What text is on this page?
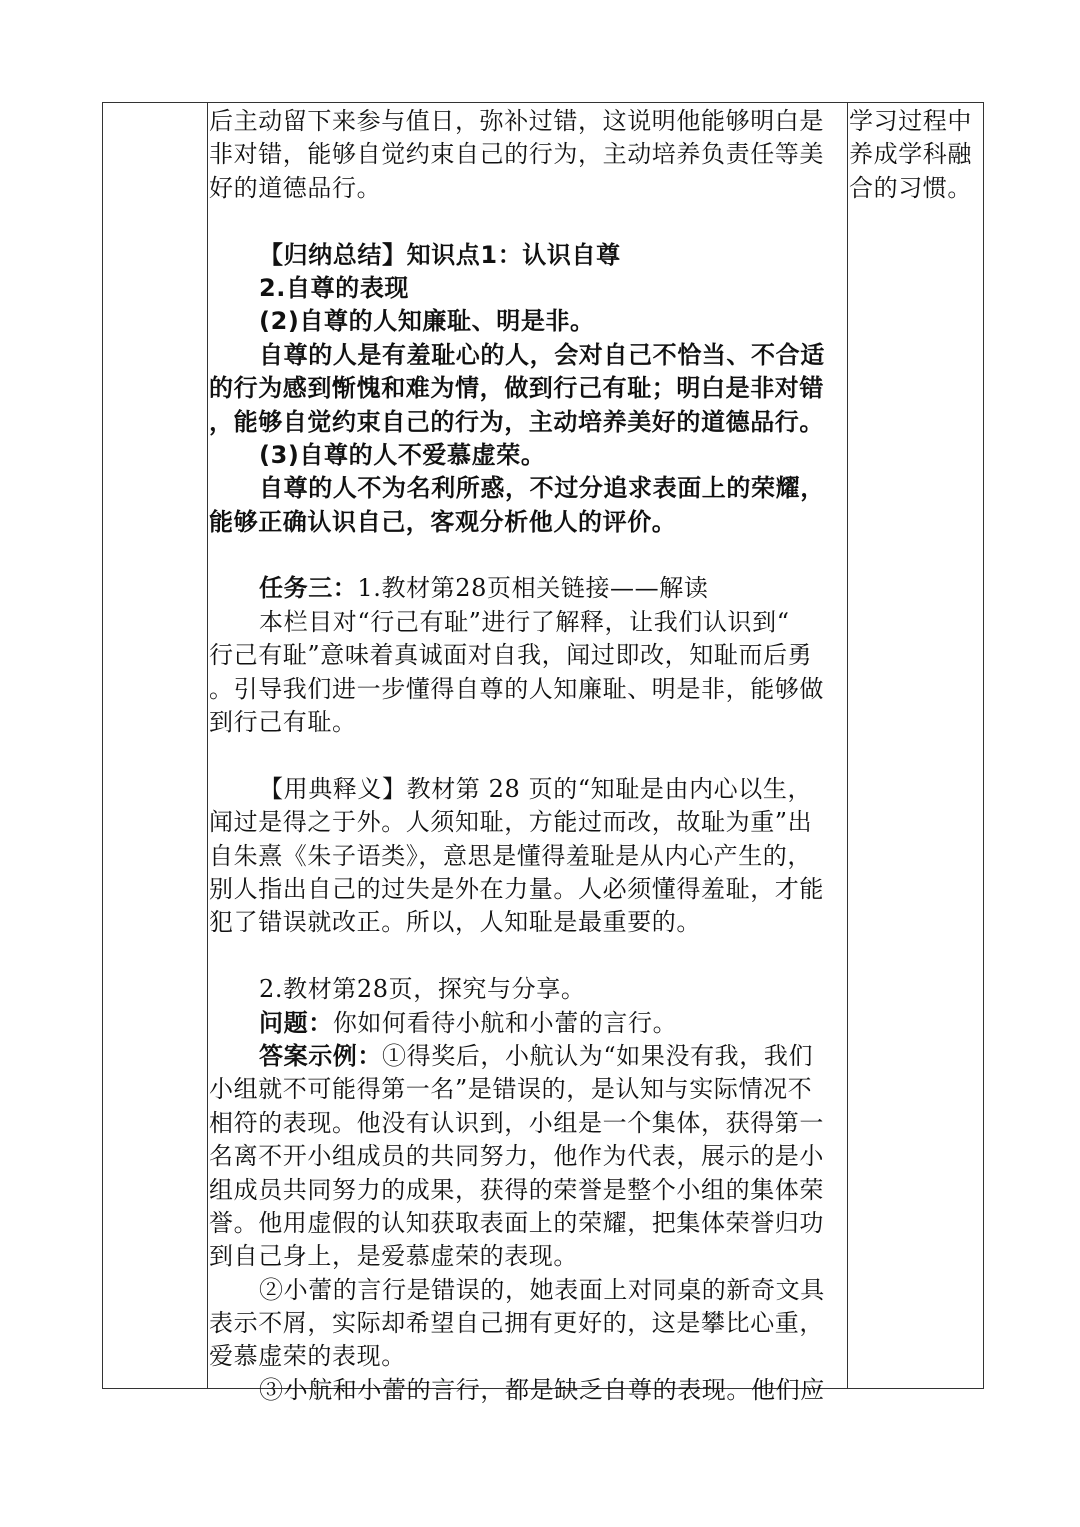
后主动留下来参与值日，弥补过错，这说明他能够明白是
非对错，能够自觉约束自己的行为，主动培养负责任等美
好的道德品行。
【归纳总结】知识点1：认识自尊
2.自尊的表现
(2)自尊的人知廉耻、明是非。
自尊的人是有羞耻心的人，会对自己不恰当、不合适
的行为感到惭愧和难为情，做到行己有耻；明白是非对错
，能够自觉约束自己的行为，主动培养美好的道德品行。
(3)自尊的人不爱慕虚荣。
自尊的人不为名利所惑，不过分追求表面上的荣耀，
能够正确认识自己，客观分析他人的评价。
任务三：1.教材第28页相关链接——解读
本栏目对“行己有耻”进行了解释，让我们认识到“
行己有耻”意味着真诚面对自我，闻过即改，知耻而后勇
。引导我们进一步懂得自尊的人知廉耻、明是非，能够做
到行己有耻。
【用典释义】教材第 28 页的“知耻是由内心以生，
闻过是得之于外。人须知耻，方能过而改，故耻为重”出
自朱熹《朱子语类》，意思是懂得羞耻是从内心产生的，
别人指出自己的过失是外在力量。人必须懂得羞耻，才能
犯了错误就改正。所以，人知耻是最重要的。
2.教材第28页，探究与分享。
问题：你如何看待小航和小蕾的言行。
答案示例：①得奖后，小航认为“如果没有我，我们
小组就不可能得第一名”是错误的，是认知与实际情况不
相符的表现。他没有认识到，小组是一个集体，获得第一
名离不开小组成员的共同努力，他作为代表，展示的是小
组成员共同努力的成果，获得的荣誉是整个小组的集体荣
誉。他用虚假的认知获取表面上的荣耀，把集体荣誉归功
到自己身上，是爱慕虚荣的表现。
②小蕾的言行是错误的，她表面上对同桌的新奇文具
表示不屑，实际却希望自己拥有更好的，这是攀比心重，
爱慕虚荣的表现。
③小航和小蕾的言行，都是缺乏自尊的表现。他们应
学习过程中
养成学科融
合的习惯。
